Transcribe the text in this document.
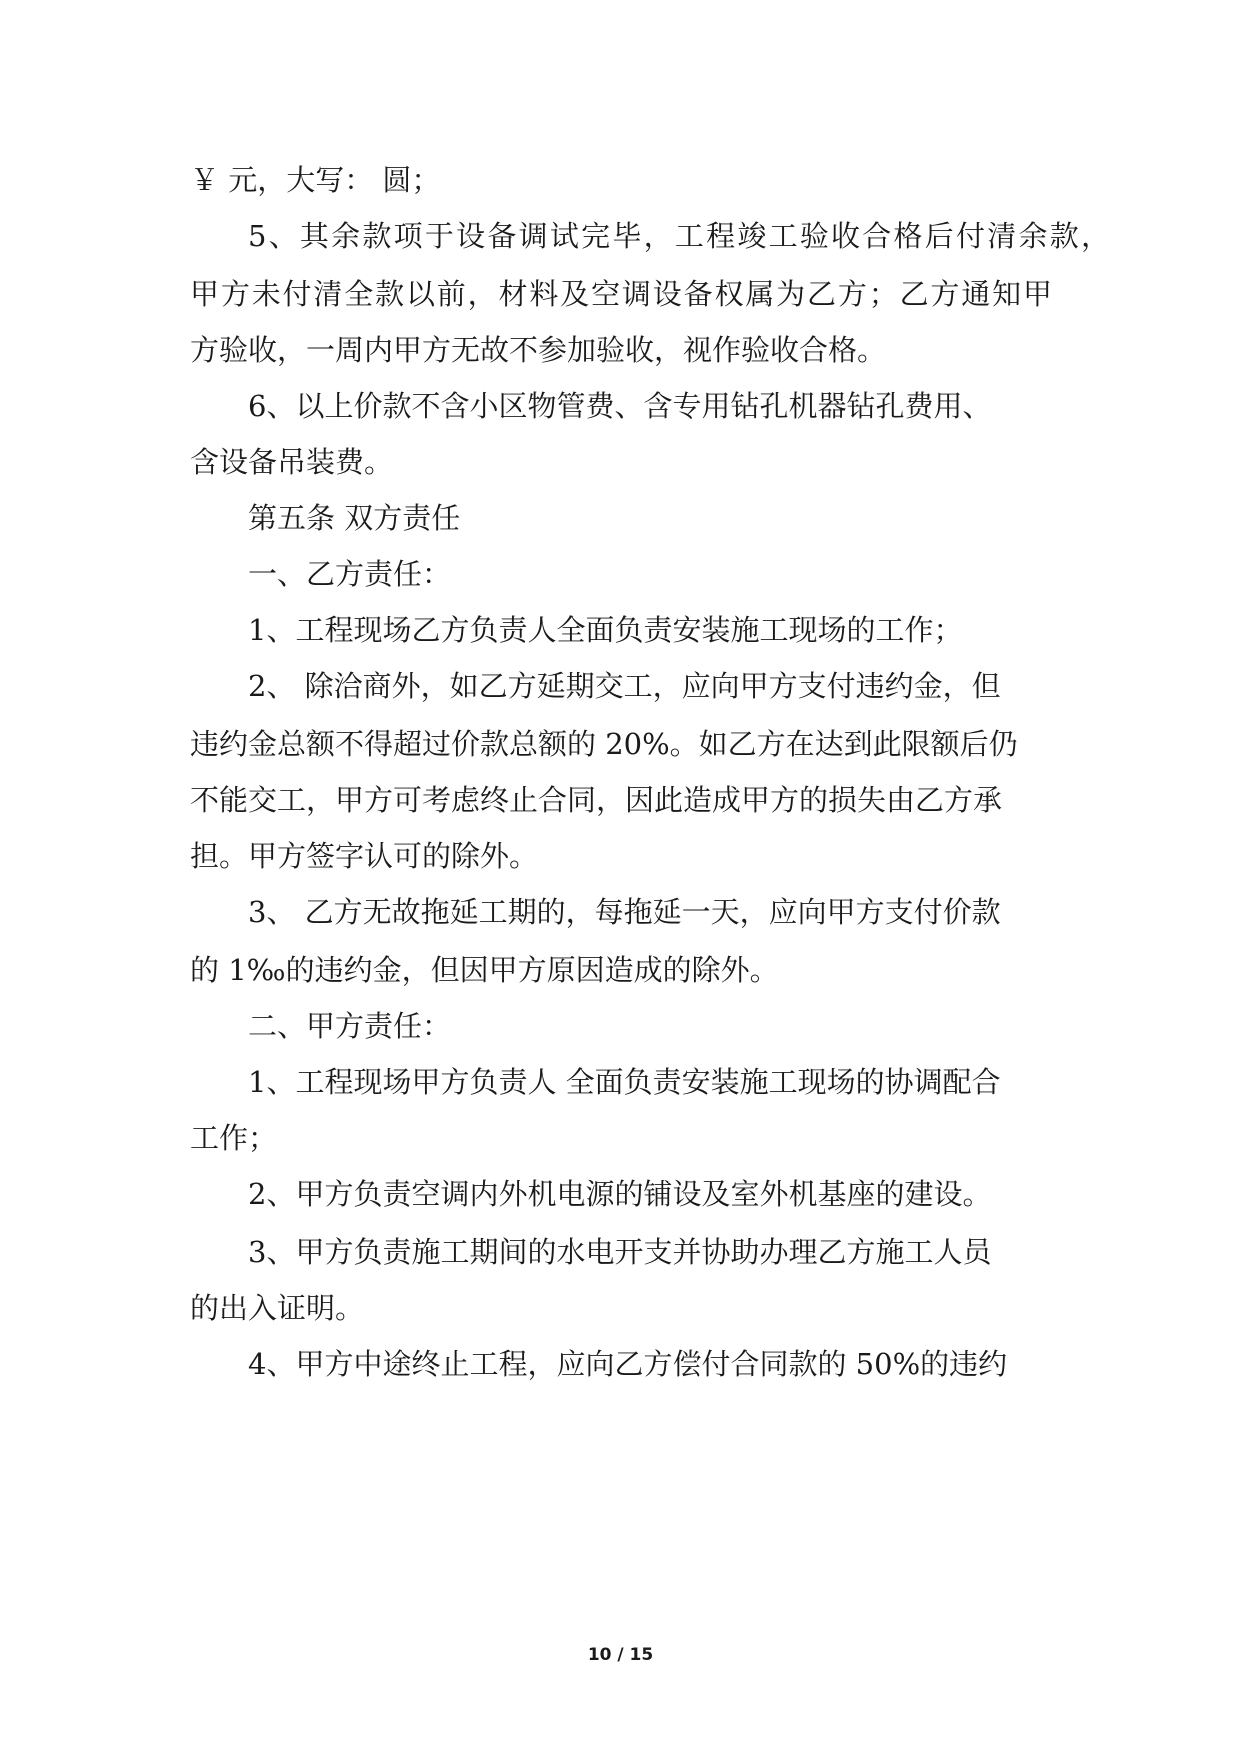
￥ 元，大写： 圆；
5、其余款项于设备调试完毕，工程竣工验收合格后付清余款，
甲方未付清全款以前，材料及空调设备权属为乙方；乙方通知甲
方验收，一周内甲方无故不参加验收，视作验收合格。
6、以上价款不含小区物管费、含专用钻孔机器钻孔费用、
含设备吊装费。
第五条 双方责任
一、乙方责任：
1、工程现场乙方负责人全面负责安装施工现场的工作；
2、 除洽商外，如乙方延期交工，应向甲方支付违约金，但
违约金总额不得超过价款总额的 20%。如乙方在达到此限额后仍
不能交工，甲方可考虑终止合同，因此造成甲方的损失由乙方承
担。甲方签字认可的除外。
3、 乙方无故拖延工期的，每拖延一天，应向甲方支付价款
的 1‰的违约金，但因甲方原因造成的除外。
二、甲方责任：
1、工程现场甲方负责人 全面负责安装施工现场的协调配合
工作；
2、甲方负责空调内外机电源的铺设及室外机基座的建设。
3、甲方负责施工期间的水电开支并协助办理乙方施工人员
的出入证明。
4、甲方中途终止工程，应向乙方偿付合同款的 50%的违约
10 / 15
